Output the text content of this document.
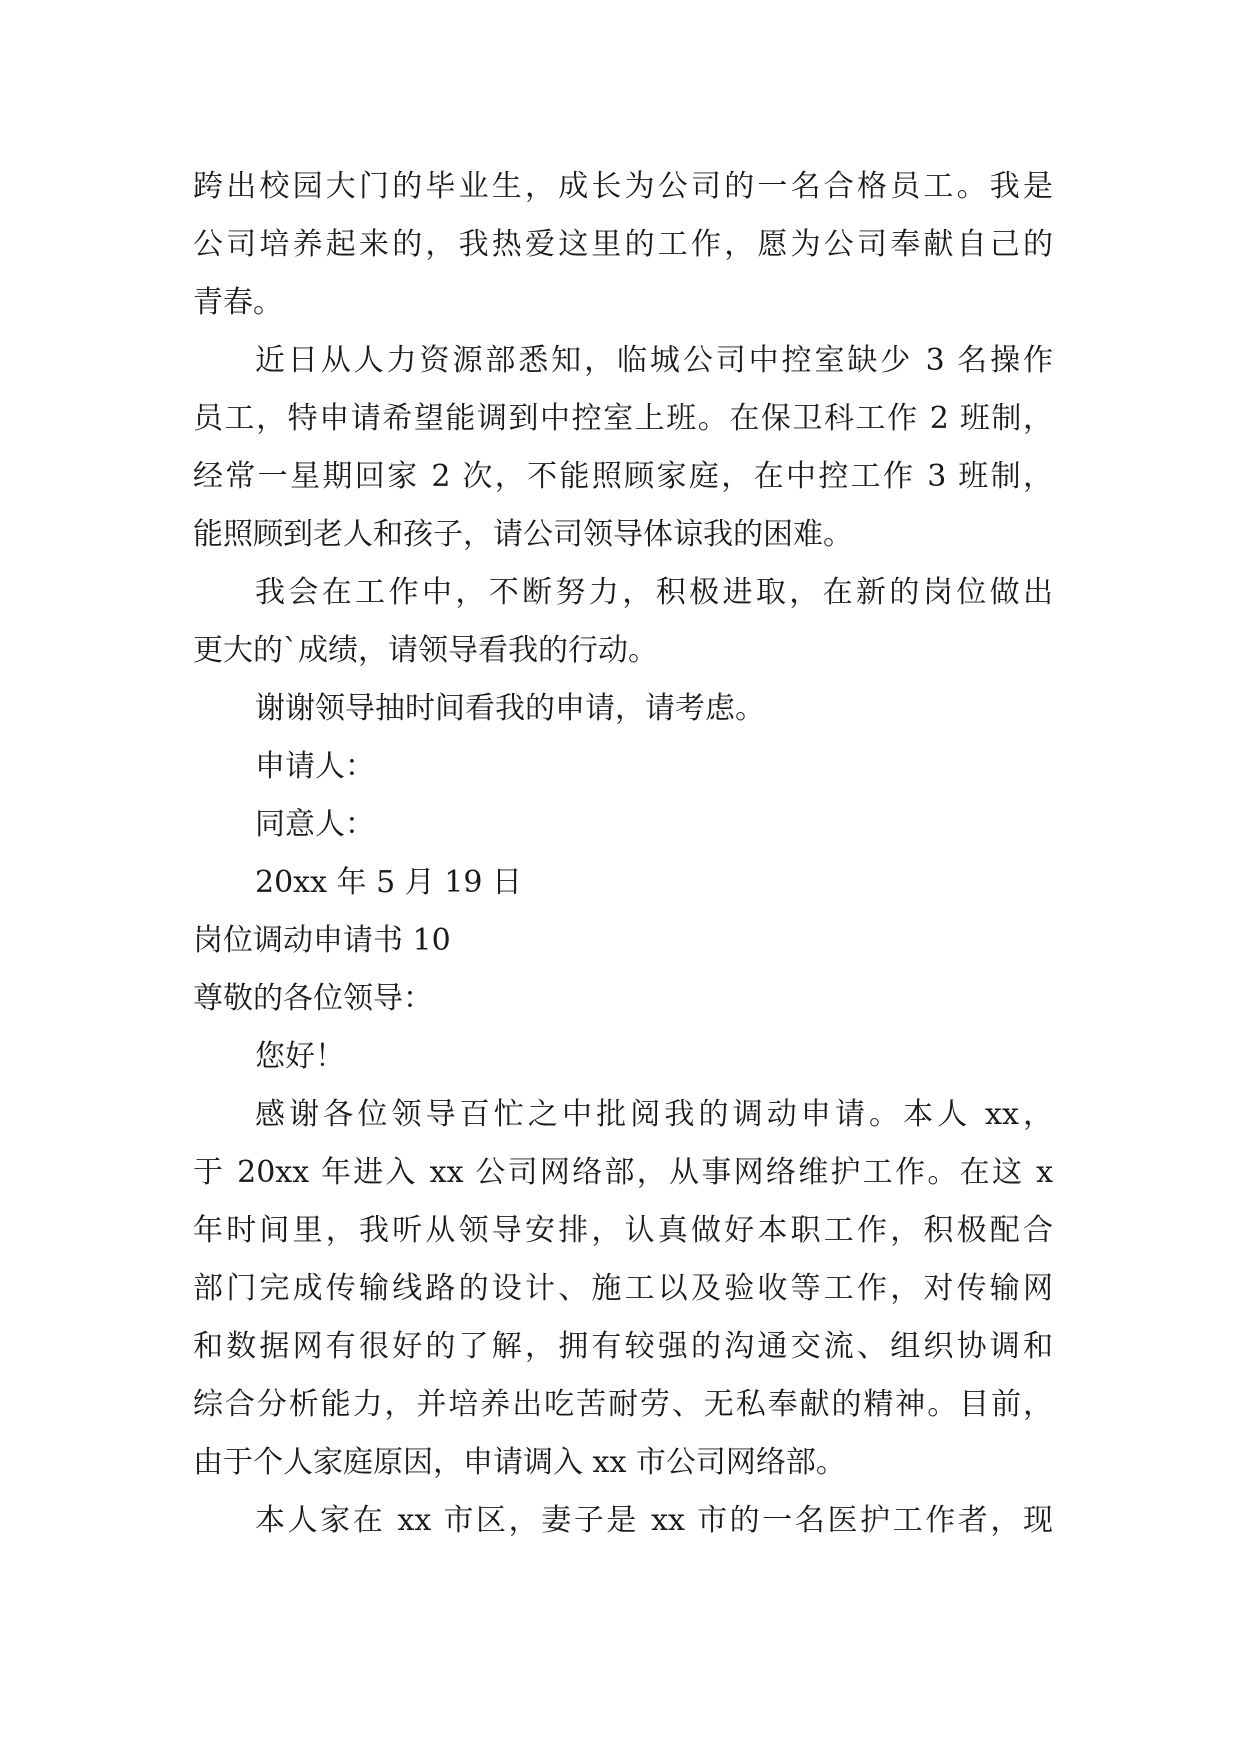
跨出校园大门的毕业生，成长为公司的一名合格员工。我是
公司培养起来的，我热爱这里的工作，愿为公司奉献自己的
青春。
近日从人力资源部悉知，临城公司中控室缺少 3 名操作
员工，特申请希望能调到中控室上班。在保卫科工作 2 班制，
经常一星期回家 2 次，不能照顾家庭，在中控工作 3 班制，
能照顾到老人和孩子，请公司领导体谅我的困难。
我会在工作中，不断努力，积极进取，在新的岗位做出
更大的`成绩，请领导看我的行动。
谢谢领导抽时间看我的申请，请考虑。
申请人：
同意人：
20xx 年 5 月 19 日
岗位调动申请书 10
尊敬的各位领导：
您好！
感谢各位领导百忙之中批阅我的调动申请。本人 xx，
于 20xx 年进入 xx 公司网络部，从事网络维护工作。在这 x
年时间里，我听从领导安排，认真做好本职工作，积极配合
部门完成传输线路的设计、施工以及验收等工作，对传输网
和数据网有很好的了解，拥有较强的沟通交流、组织协调和
综合分析能力，并培养出吃苦耐劳、无私奉献的精神。目前，
由于个人家庭原因，申请调入 xx 市公司网络部。
本人家在 xx 市区，妻子是 xx 市的一名医护工作者，现
